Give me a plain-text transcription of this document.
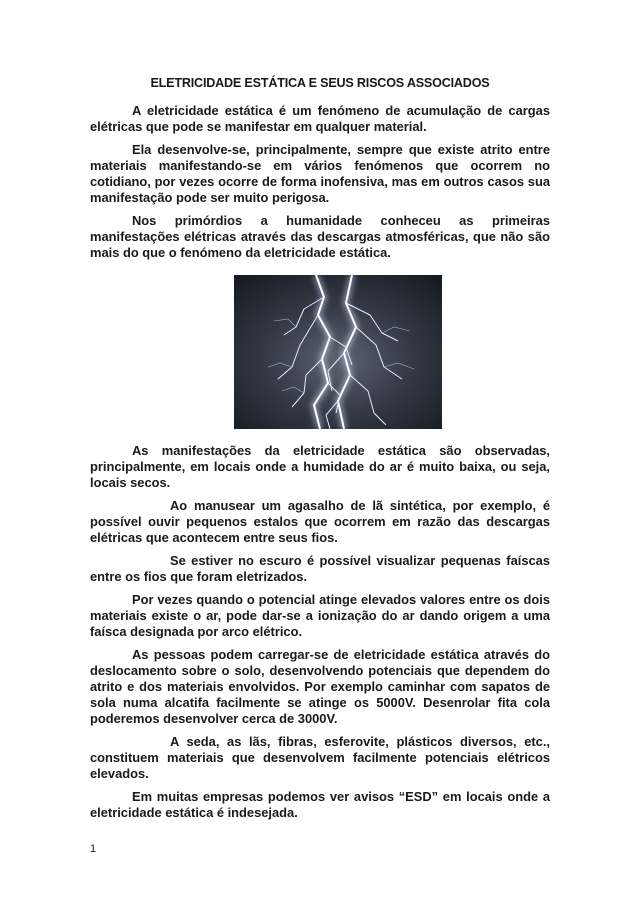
ELETRICIDADE ESTÁTICA E SEUS RISCOS ASSOCIADOS

A eletricidade estática é um fenómeno de acumulação de cargas elétricas que pode se manifestar em qualquer material.

Ela desenvolve-se, principalmente, sempre que existe atrito entre materiais manifestando-se em vários fenómenos que ocorrem no cotidiano, por vezes ocorre de forma inofensiva, mas em outros casos sua manifestação pode ser muito perigosa.

Nos primórdios a humanidade conheceu as primeiras manifestações elétricas através das descargas atmosféricas, que não são mais do que o fenómeno da eletricidade estática.

As manifestações da eletricidade estática são observadas, principalmente, em locais onde a humidade do ar é muito baixa, ou seja, locais secos.

Ao manusear um agasalho de lã sintética, por exemplo, é possível ouvir pequenos estalos que ocorrem em razão das descargas elétricas que acontecem entre seus fios.

Se estiver no escuro é possível visualizar pequenas faíscas entre os fios que foram eletrizados.

Por vezes quando o potencial atinge elevados valores entre os dois materiais existe o ar, pode dar-se a ionização do ar dando origem a uma faísca designada por arco elétrico.

As pessoas podem carregar-se de eletricidade estática através do deslocamento sobre o solo, desenvolvendo potenciais que dependem do atrito e dos materiais envolvidos. Por exemplo caminhar com sapatos de sola numa alcatifa facilmente se atinge os 5000V. Desenrolar fita cola poderemos desenvolver cerca de 3000V.

A seda, as lãs, fibras, esferovite, plásticos diversos, etc., constituem materiais que desenvolvem facilmente potenciais elétricos elevados.

Em muitas empresas podemos ver avisos “ESD” em locais onde a eletricidade estática é indesejada.

1
